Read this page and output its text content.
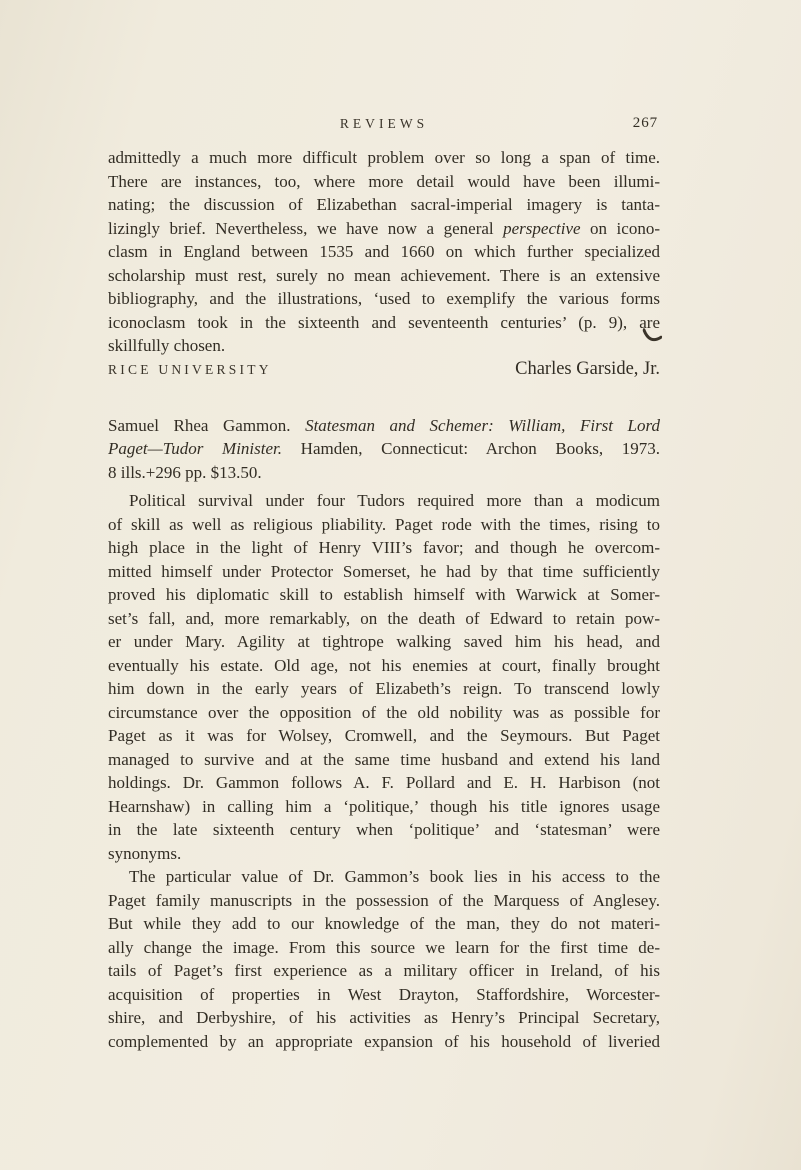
REVIEWS	267
admittedly a much more difficult problem over so long a span of time.
There are instances, too, where more detail would have been illumi-
nating; the discussion of Elizabethan sacral-imperial imagery is tanta-
lizingly brief. Nevertheless, we have now a general perspective on icono-
clasm in England between 1535 and 1660 on which further specialized
scholarship must rest, surely no mean achievement. There is an extensive
bibliography, and the illustrations, ‘used to exemplify the various forms
iconoclasm took in the sixteenth and seventeenth centuries’ (p. 9), are
skillfully chosen.
RICE UNIVERSITY	Charles Garside, Jr.
Samuel Rhea Gammon. Statesman and Schemer: William, First Lord
Paget—Tudor Minister. Hamden, Connecticut: Archon Books, 1973.
8 ills.+296 pp. $13.50.
Political survival under four Tudors required more than a modicum
of skill as well as religious pliability. Paget rode with the times, rising to
high place in the light of Henry VIII’s favor; and though he overcom-
mitted himself under Protector Somerset, he had by that time sufficiently
proved his diplomatic skill to establish himself with Warwick at Somer-
set’s fall, and, more remarkably, on the death of Edward to retain pow-
er under Mary. Agility at tightrope walking saved him his head, and
eventually his estate. Old age, not his enemies at court, finally brought
him down in the early years of Elizabeth’s reign. To transcend lowly
circumstance over the opposition of the old nobility was as possible for
Paget as it was for Wolsey, Cromwell, and the Seymours. But Paget
managed to survive and at the same time husband and extend his land
holdings. Dr. Gammon follows A. F. Pollard and E. H. Harbison (not
Hearnshaw) in calling him a ‘politique,’ though his title ignores usage
in the late sixteenth century when ‘politique’ and ‘statesman’ were
synonyms.
The particular value of Dr. Gammon’s book lies in his access to the
Paget family manuscripts in the possession of the Marquess of Anglesey.
But while they add to our knowledge of the man, they do not materi-
ally change the image. From this source we learn for the first time de-
tails of Paget’s first experience as a military officer in Ireland, of his
acquisition of properties in West Drayton, Staffordshire, Worcester-
shire, and Derbyshire, of his activities as Henry’s Principal Secretary,
complemented by an appropriate expansion of his household of liveried
